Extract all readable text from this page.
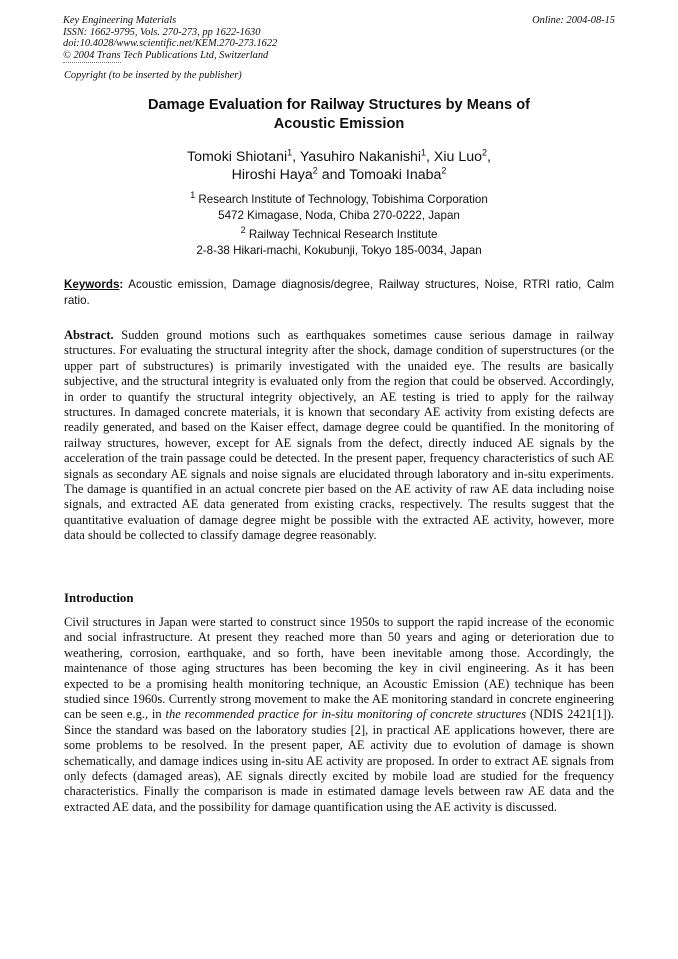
Key Engineering Materials
ISSN: 1662-9795, Vols. 270-273, pp 1622-1630
doi:10.4028/www.scientific.net/KEM.270-273.1622
© 2004 Trans Tech Publications Ltd, Switzerland
Online: 2004-08-15
Copyright (to be inserted by the publisher)
Damage Evaluation for Railway Structures by Means of
Acoustic Emission
Tomoki Shiotani$^1$, Yasuhiro Nakanishi$^1$, Xiu Luo$^2$,
Hiroshi Haya$^2$ and Tomoaki Inaba$^2$
$^1$ Research Institute of Technology, Tobishima Corporation
5472 Kimagase, Noda, Chiba 270-0222, Japan
$^2$ Railway Technical Research Institute
2-8-38 Hikari-machi, Kokubunji, Tokyo 185-0034, Japan
Keywords: Acoustic emission, Damage diagnosis/degree, Railway structures, Noise, RTRI ratio, Calm ratio.

Abstract. Sudden ground motions such as earthquakes sometimes cause serious damage in railway structures. For evaluating the structural integrity after the shock, damage condition of superstructures (or the upper part of substructures) is primarily investigated with the unaided eye. The results are basically subjective, and the structural integrity is evaluated only from the region that could be observed. Accordingly, in order to quantify the structural integrity objectively, an AE testing is tried to apply for the railway structures. In damaged concrete materials, it is known that secondary AE activity from existing defects are readily generated, and based on the Kaiser effect, damage degree could be quantified. In the monitoring of railway structures, however, except for AE signals from the defect, directly induced AE signals by the acceleration of the train passage could be detected. In the present paper, frequency characteristics of such AE signals as secondary AE signals and noise signals are elucidated through laboratory and in-situ experiments. The damage is quantified in an actual concrete pier based on the AE activity of raw AE data including noise signals, and extracted AE data generated from existing cracks, respectively. The results suggest that the quantitative evaluation of damage degree might be possible with the extracted AE activity, however, more data should be collected to classify damage degree reasonably.

Introduction

Civil structures in Japan were started to construct since 1950s to support the rapid increase of the economic and social infrastructure. At present they reached more than 50 years and aging or deterioration due to weathering, corrosion, earthquake, and so forth, have been inevitable among those. Accordingly, the maintenance of those aging structures has been becoming the key in civil engineering. As it has been expected to be a promising health monitoring technique, an Acoustic Emission (AE) technique has been studied since 1960s. Currently strong movement to make the AE monitoring standard in concrete engineering can be seen e.g., in the recommended practice for in-situ monitoring of concrete structures (NDIS 2421[1]). Since the standard was based on the laboratory studies [2], in practical AE applications however, there are some problems to be resolved. In the present paper, AE activity due to evolution of damage is shown schematically, and damage indices using in-situ AE activity are proposed. In order to extract AE signals from only defects (damaged areas), AE signals directly excited by mobile load are studied for the frequency characteristics. Finally the comparison is made in estimated damage levels between raw AE data and the extracted AE data, and the possibility for damage quantification using the AE activity is discussed.
